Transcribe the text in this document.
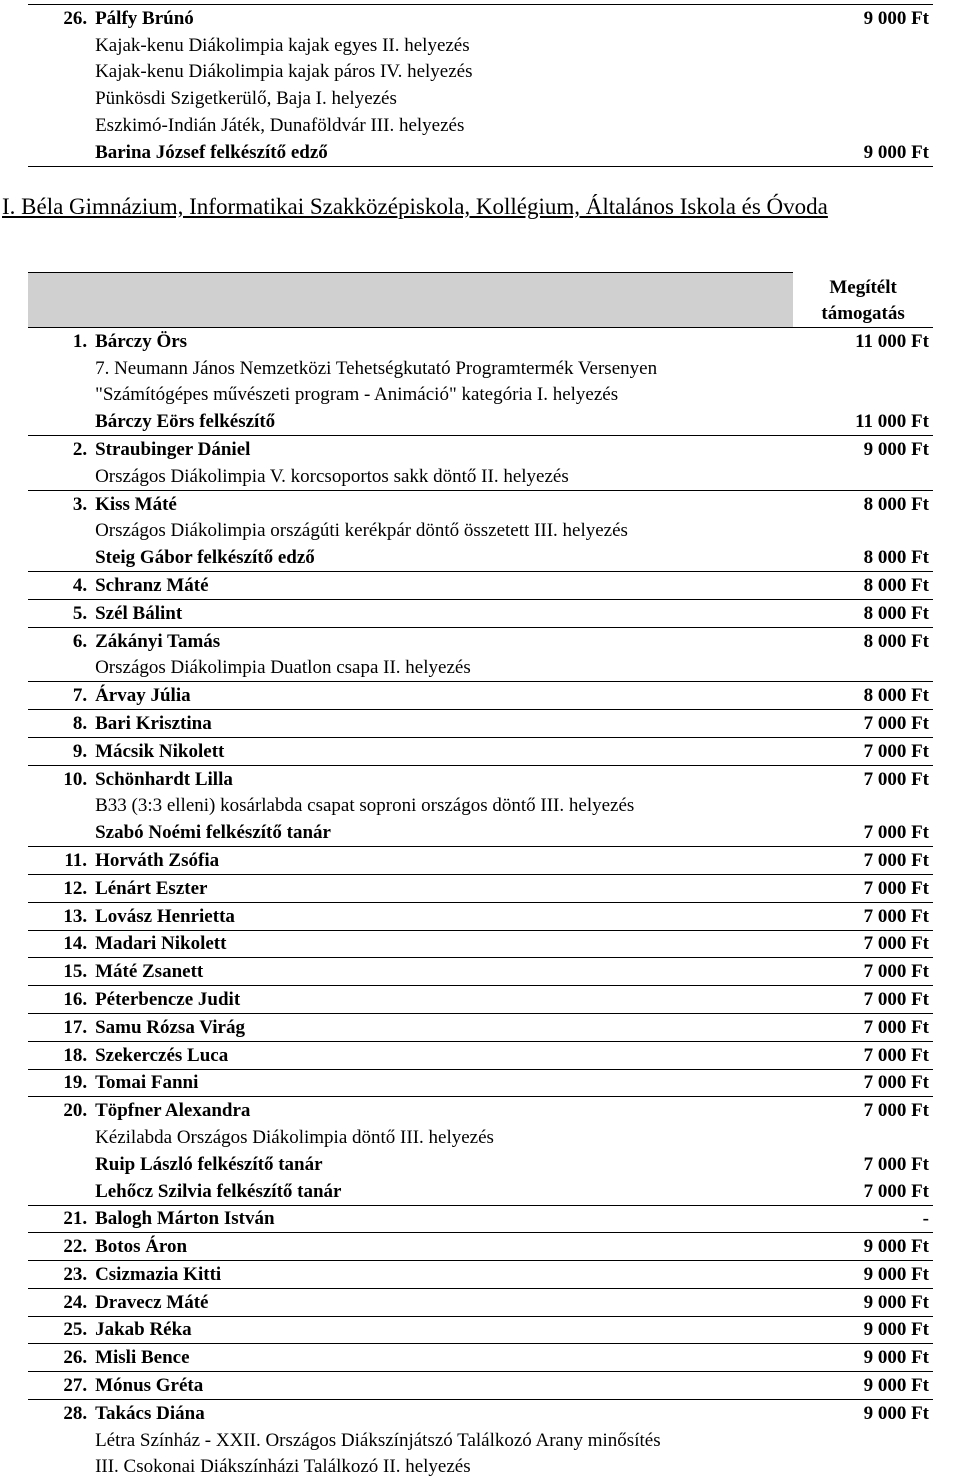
26.	Pálfy Brúnó	9 000 Ft
	Kajak-kenu Diákolimpia kajak egyes II. helyezés	
	Kajak-kenu Diákolimpia kajak páros IV. helyezés	
	Pünkösdi Szigetkerülő, Baja I. helyezés	
	Eszkimó-Indián Játék, Dunaföldvár III. helyezés	
	Barina József felkészítő edző	9 000 Ft
I. Béla Gimnázium, Informatikai Szakközépiskola, Kollégium, Általános Iskola és Óvoda

		Megítélt
támogatás

1.	Bárczy Örs	11 000 Ft
	7. Neumann János Nemzetközi Tehetségkutató Programtermék Versenyen	
	"Számítógépes művészeti program - Animáció" kategória I. helyezés	
	Bárczy Eörs felkészítő	11 000 Ft
2.	Straubinger Dániel	9 000 Ft
	Országos Diákolimpia V. korcsoportos sakk döntő II. helyezés	
3.	Kiss Máté	8 000 Ft
	Országos Diákolimpia országúti kerékpár döntő összetett III. helyezés	
	Steig Gábor felkészítő edző	8 000 Ft
4.	Schranz Máté	8 000 Ft
5.	Szél Bálint	8 000 Ft
6.	Zákányi Tamás	8 000 Ft
	Országos Diákolimpia Duatlon csapa II. helyezés	
7.	Árvay Júlia	8 000 Ft
8.	Bari Krisztina	7 000 Ft
9.	Mácsik Nikolett	7 000 Ft
10.	Schönhardt Lilla	7 000 Ft
	B33 (3:3 elleni) kosárlabda csapat soproni országos döntő III. helyezés	
	Szabó Noémi felkészítő tanár	7 000 Ft
11.	Horváth Zsófia	7 000 Ft
12.	Lénárt Eszter	7 000 Ft
13.	Lovász Henrietta	7 000 Ft
14.	Madari Nikolett	7 000 Ft
15.	Máté Zsanett	7 000 Ft
16.	Péterbencze Judit	7 000 Ft
17.	Samu Rózsa Virág	7 000 Ft
18.	Szekerczés Luca	7 000 Ft
19.	Tomai Fanni	7 000 Ft
20.	Töpfner Alexandra	7 000 Ft
	Kézilabda Országos Diákolimpia döntő III. helyezés	
	Ruip László felkészítő tanár	7 000 Ft
	Lehőcz Szilvia felkészítő tanár	7 000 Ft
21.	Balogh Márton István	-
22.	Botos Áron	9 000 Ft
23.	Csizmazia Kitti	9 000 Ft
24.	Dravecz Máté	9 000 Ft
25.	Jakab Réka	9 000 Ft
26.	Misli Bence	9 000 Ft
27.	Mónus Gréta	9 000 Ft
28.	Takács Diána	9 000 Ft
	Létra Színház - XXII. Országos Diákszínjátszó Találkozó Arany minősítés	
	III. Csokonai Diákszínházi Találkozó II. helyezés	
